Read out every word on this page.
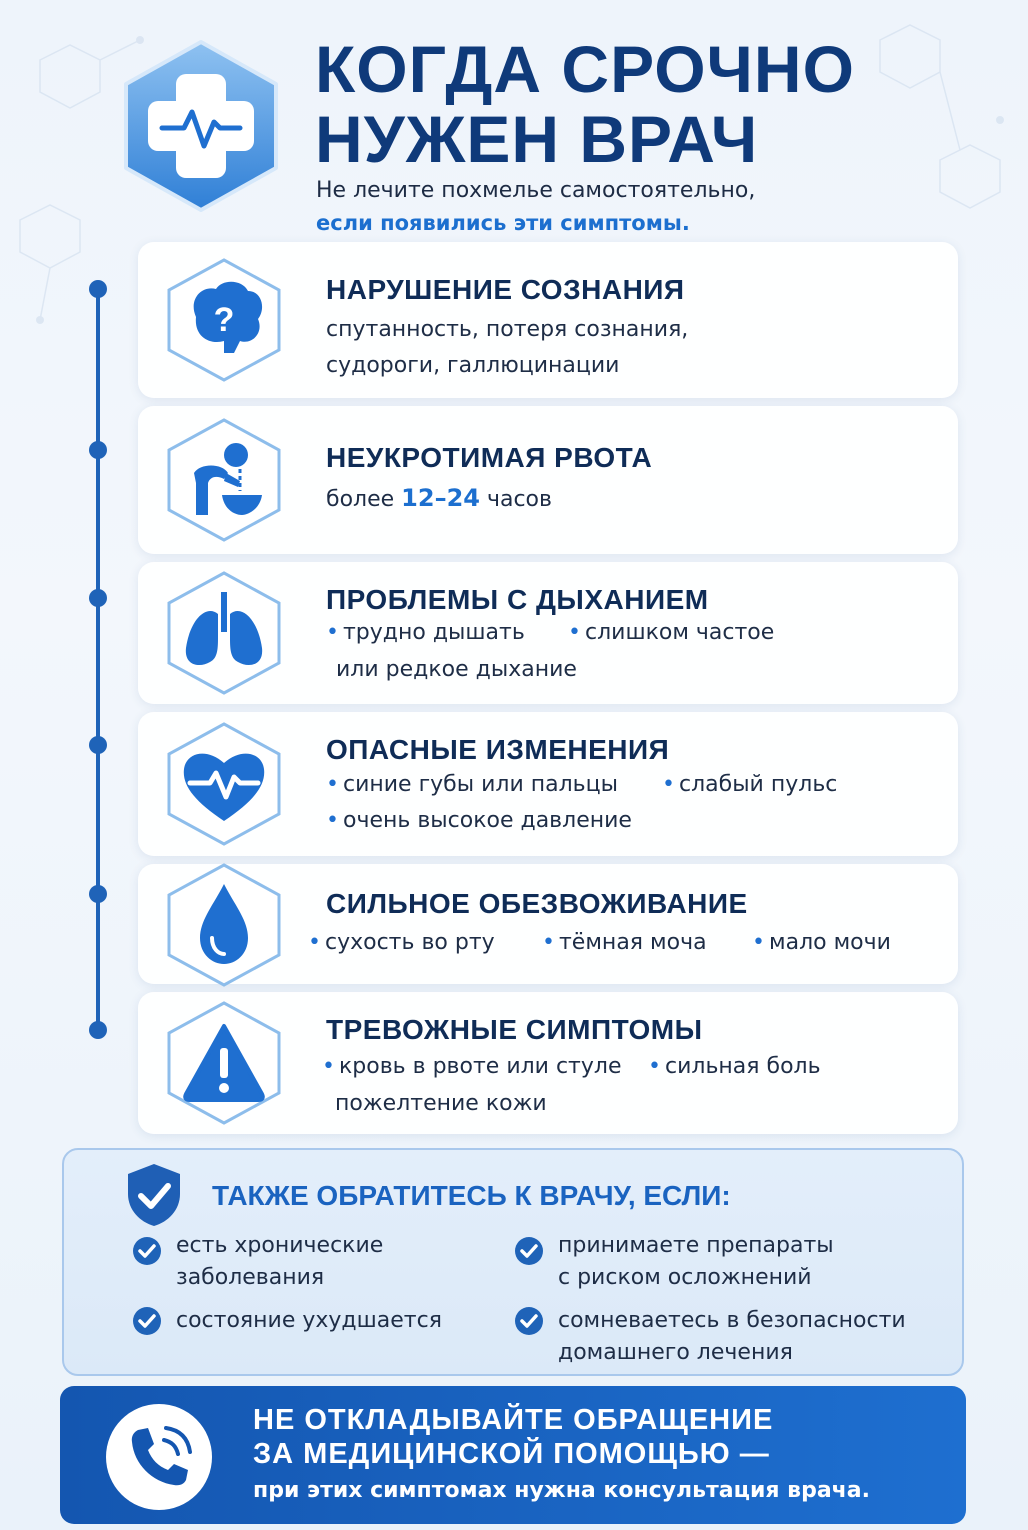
КОГДА СРОЧНО
НУЖЕН ВРАЧ
Не лечите похмелье самостоятельно,
если появились эти симптомы.
?
НАРУШЕНИЕ СОЗНАНИЯ
спутанность, потеря сознания,
судороги, галлюцинации
НЕУКРОТИМАЯ РВОТА
более 12–24 часов
ПРОБЛЕМЫ С ДЫХАНИЕМ
• трудно дышать	• слишком частое
или редкое дыхание
ОПАСНЫЕ ИЗМЕНЕНИЯ
• синие губы или пальцы	• слабый пульс
• очень высокое давление
СИЛЬНОЕ ОБЕЗВОЖИВАНИЕ
• сухость во рту	• тёмная моча	• мало мочи
ТРЕВОЖНЫЕ СИМПТОМЫ
• кровь в рвоте или стуле	• сильная боль
пожелтение кожи
ТАКЖЕ ОБРАТИТЕСЬ К ВРАЧУ, ЕСЛИ:
есть хронические
заболевания
принимаете препараты
с риском осложнений
состояние ухудшается	сомневаетесь в безопасности
домашнего лечения
НЕ ОТКЛАДЫВАЙТЕ ОБРАЩЕНИЕ
ЗА МЕДИЦИНСКОЙ ПОМОЩЬЮ —
при этих симптомах нужна консультация врача.
